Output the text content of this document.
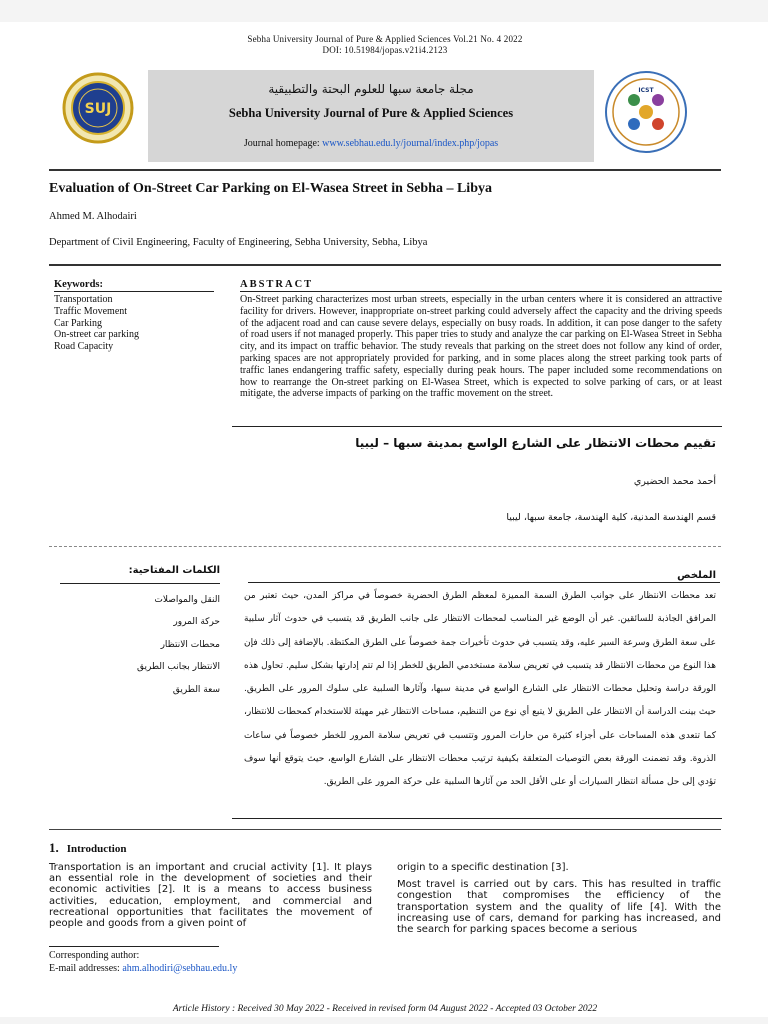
Sebha University Journal of Pure & Applied Sciences Vol.21 No. 4 2022
DOI: 10.51984/jopas.v21i4.2123
SUJ
ICST
مجلة جامعة سبها للعلوم البحتة والتطبيقية
Sebha University Journal of Pure & Applied Sciences
Journal homepage: www.sebhau.edu.ly/journal/index.php/jopas
Evaluation of On-Street Car Parking on El-Wasea Street in Sebha – Libya
Ahmed M. Alhodairi
Department of Civil Engineering, Faculty of Engineering, Sebha University, Sebha, Libya
Keywords:
Transportation
Traffic Movement
Car Parking
On-street car parking
Road Capacity
ABSTRACT
On-Street parking characterizes most urban streets, especially in the urban centers where it is considered an attractive facility for drivers. However, inappropriate on-street parking could adversely affect the capacity and the driving speeds of the adjacent road and can cause severe delays, especially on busy roads. In addition, it can pose danger to the safety of road users if not managed properly. This paper tries to study and analyze the car parking on El-Wasea Street in Sebha city, and its impact on traffic behavior. The study reveals that parking on the street does not follow any kind of order, parking spaces are not appropriately provided for parking, and in some places along the street parking took parts of traffic lanes endangering traffic safety, especially during peak hours. The paper included some recommendations on how to rearrange the On-street parking on El-Wasea Street, which is expected to solve parking of cars, or at least mitigate, the adverse impacts of parking on the traffic movement on the street.
تقييم محطات الانتظار على الشارع الواسع بمدينة سبها – ليبيا
أحمد محمد الحضيري
قسم الهندسة المدنية، كلية الهندسة، جامعة سبها، ليبيا
الملخص
تعد محطات الانتظار على جوانب الطرق السمة المميزة لمعظم الطرق الحضرية خصوصاً في مراكز المدن، حيث تعتبر من المرافق الجاذبة للسائقين. غير أن الوضع غير المناسب لمحطات الانتظار على جانب الطريق قد يتسبب في حدوث آثار سلبية على سعة الطرق وسرعة السير عليه، وقد يتسبب في حدوث تأخيرات جمة خصوصاً على الطرق المكتظة. بالإضافة إلى ذلك فإن هذا النوع من محطات الانتظار قد يتسبب في تعريض سلامة مستخدمي الطريق للخطر إذا لم تتم إدارتها بشكل سليم. تحاول هذه الورقة دراسة وتحليل محطات الانتظار على الشارع الواسع في مدينة سبها، وآثارها السلبية على سلوك المرور على الطريق. حيث بينت الدراسة أن الانتظار على الطريق لا يتبع أي نوع من التنظيم، مساحات الانتظار غير مهيئة للاستخدام كمحطات للانتظار، كما تتعدى هذه المساحات على أجزاء كثيرة من حارات المرور وتتسبب في تعريض سلامة المرور للخطر خصوصاً في ساعات الذروة. وقد تضمنت الورقة بعض التوصيات المتعلقة بكيفية ترتيب محطات الانتظار على الشارع الواسع، حيث يتوقع أنها سوف تؤدي إلى حل مسألة انتظار السيارات أو على الأقل الحد من آثارها السلبية على حركة المرور على الطريق.
الكلمات المفتاحية:
النقل والمواصلات
حركة المرور
محطات الانتظار
الانتظار بجانب الطريق
سعة الطريق
1. Introduction

Transportation is an important and crucial activity [1]. It plays an essential role in the development of societies and their economic activities [2]. It is a means to access business activities, education, employment, and commercial and recreational opportunities that facilitates the movement of people and goods from a given point of

origin to a specific destination [3].

Most travel is carried out by cars. This has resulted in traffic congestion that compromises the efficiency of the transportation system and the quality of life [4]. With the increasing use of cars, demand for parking has increased, and the search for parking spaces become a serious

Corresponding author:
E-mail addresses: ahm.alhodiri@sebhau.edu.ly
Article History : Received 30 May 2022 - Received in revised form 04 August 2022 - Accepted 03 October 2022
